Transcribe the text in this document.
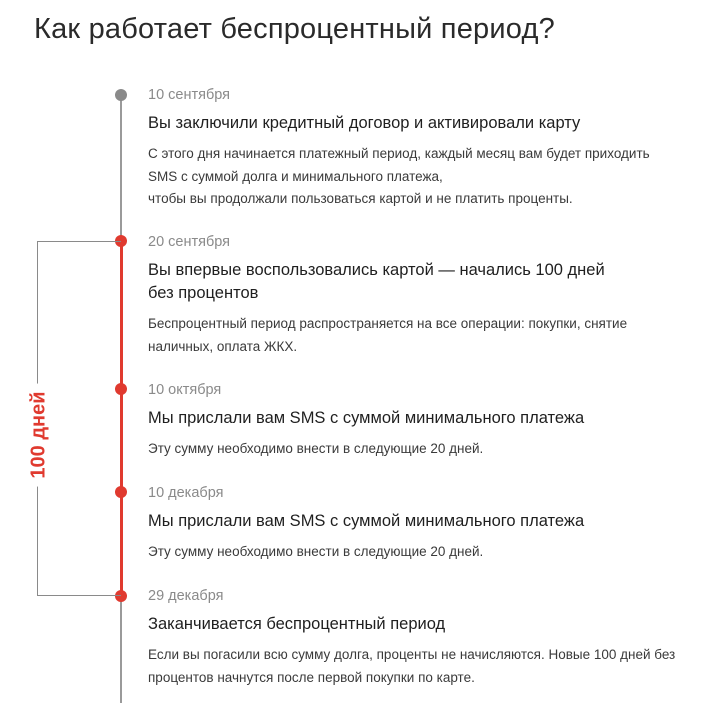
Как работает беспроцентный период?
100 дней
10 сентября
Вы заключили кредитный договор и активировали карту
С этого дня начинается платежный период, каждый месяц вам будет приходить SMS с суммой долга и минимального платежа,
чтобы вы продолжали пользоваться картой и не платить проценты.
20 сентября
Вы впервые воспользовались картой — начались 100 дней
без процентов
Беспроцентный период распространяется на все операции: покупки, снятие наличных, оплата ЖКХ.
10 октября
Мы прислали вам SMS с суммой минимального платежа
Эту сумму необходимо внести в следующие 20 дней.
10 декабря
Мы прислали вам SMS с суммой минимального платежа
Эту сумму необходимо внести в следующие 20 дней.
29 декабря
Заканчивается беспроцентный период
Если вы погасили всю сумму долга, проценты не начисляются. Новые 100 дней без процентов начнутся после первой покупки по карте.
